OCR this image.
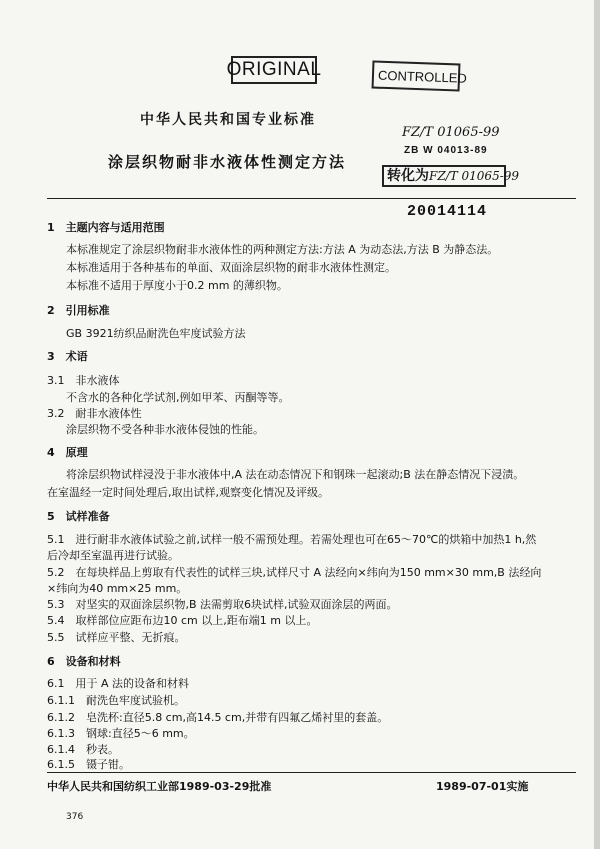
ORIGINAL	CONTROLLED
中华人民共和国专业标准
涂层织物耐非水液体性测定方法
FZ/T 01065-99
ZB W 04013-89
转化为FZ/T 01065-99
20014114
1　主题内容与适用范围
本标准规定了涂层织物耐非水液体性的两种测定方法:方法 A 为动态法,方法 B 为静态法。
本标准适用于各种基布的单面、双面涂层织物的耐非水液体性测定。
本标准不适用于厚度小于0.2 mm 的薄织物。
2　引用标准
GB 3921纺织品耐洗色牢度试验方法
3　术语
3.1　非水液体
不含水的各种化学试剂,例如甲苯、丙酮等等。
3.2　耐非水液体性
涂层织物不受各种非水液体侵蚀的性能。
4　原理
将涂层织物试样浸没于非水液体中,A 法在动态情况下和钢珠一起滚动;B 法在静态情况下浸渍。
在室温经一定时间处理后,取出试样,观察变化情况及评级。
5　试样准备
5.1　进行耐非水液体试验之前,试样一般不需预处理。若需处理也可在65～70℃的烘箱中加热1 h,然
后冷却至室温再进行试验。
5.2　在每块样品上剪取有代表性的试样三块,试样尺寸 A 法经向×纬向为150 mm×30 mm,B 法经向
×纬向为40 mm×25 mm。
5.3　对坚实的双面涂层织物,B 法需剪取6块试样,试验双面涂层的两面。
5.4　取样部位应距布边10 cm 以上,距布端1 m 以上。
5.5　试样应平整、无折痕。
6　设备和材料
6.1　用于 A 法的设备和材料
6.1.1　耐洗色牢度试验机。
6.1.2　皂洗杯:直径5.8 cm,高14.5 cm,并带有四氟乙烯衬里的套盖。
6.1.3　钢球:直径5～6 mm。
6.1.4　秒表。
6.1.5　镊子钳。
中华人民共和国纺织工业部1989-03-29批准	1989-07-01实施
376
